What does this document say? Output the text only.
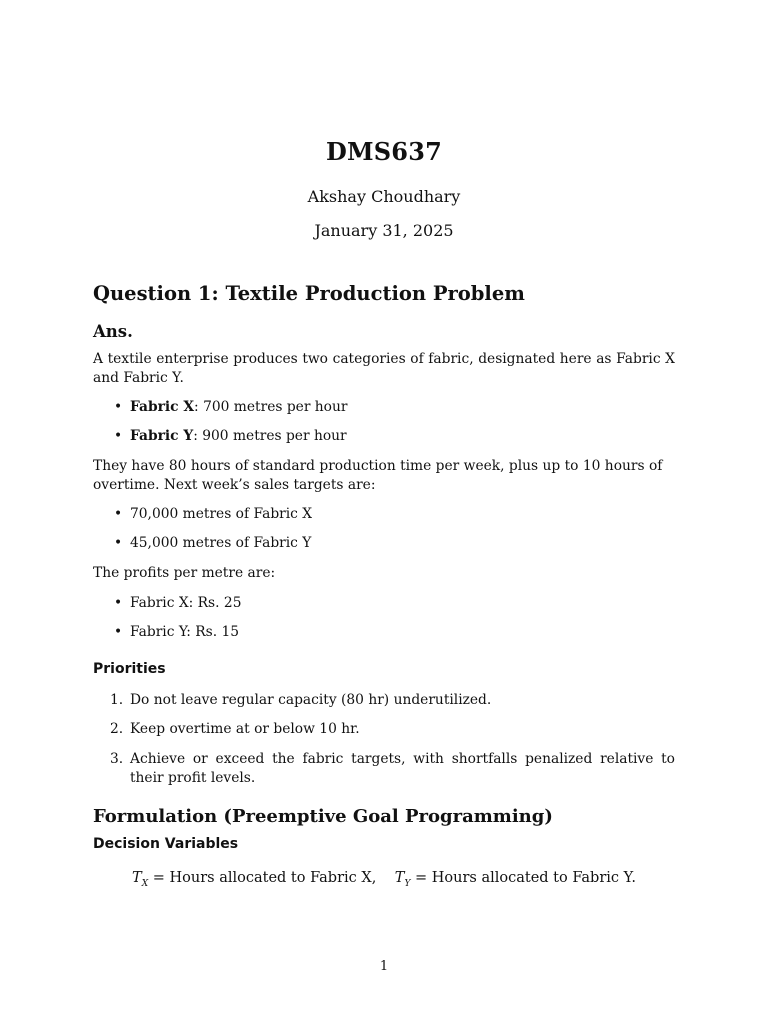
DMS637
Akshay Choudhary
January 31, 2025
Question 1: Textile Production Problem
Ans.
A textile enterprise produces two categories of fabric, designated here as Fabric X and Fabric Y.
• Fabric X: 700 metres per hour
• Fabric Y: 900 metres per hour
They have 80 hours of standard production time per week, plus up to 10 hours of overtime. Next week’s sales targets are:
• 70,000 metres of Fabric X
• 45,000 metres of Fabric Y
The profits per metre are:
• Fabric X: Rs. 25
• Fabric Y: Rs. 15
Priorities
1. Do not leave regular capacity (80 hr) underutilized.
2. Keep overtime at or below 10 hr.
3. Achieve or exceed the fabric targets, with shortfalls penalized relative to their profit levels.
Formulation (Preemptive Goal Programming)
Decision Variables
$T_X$ = Hours allocated to Fabric X, $T_Y$ = Hours allocated to Fabric Y.
1
